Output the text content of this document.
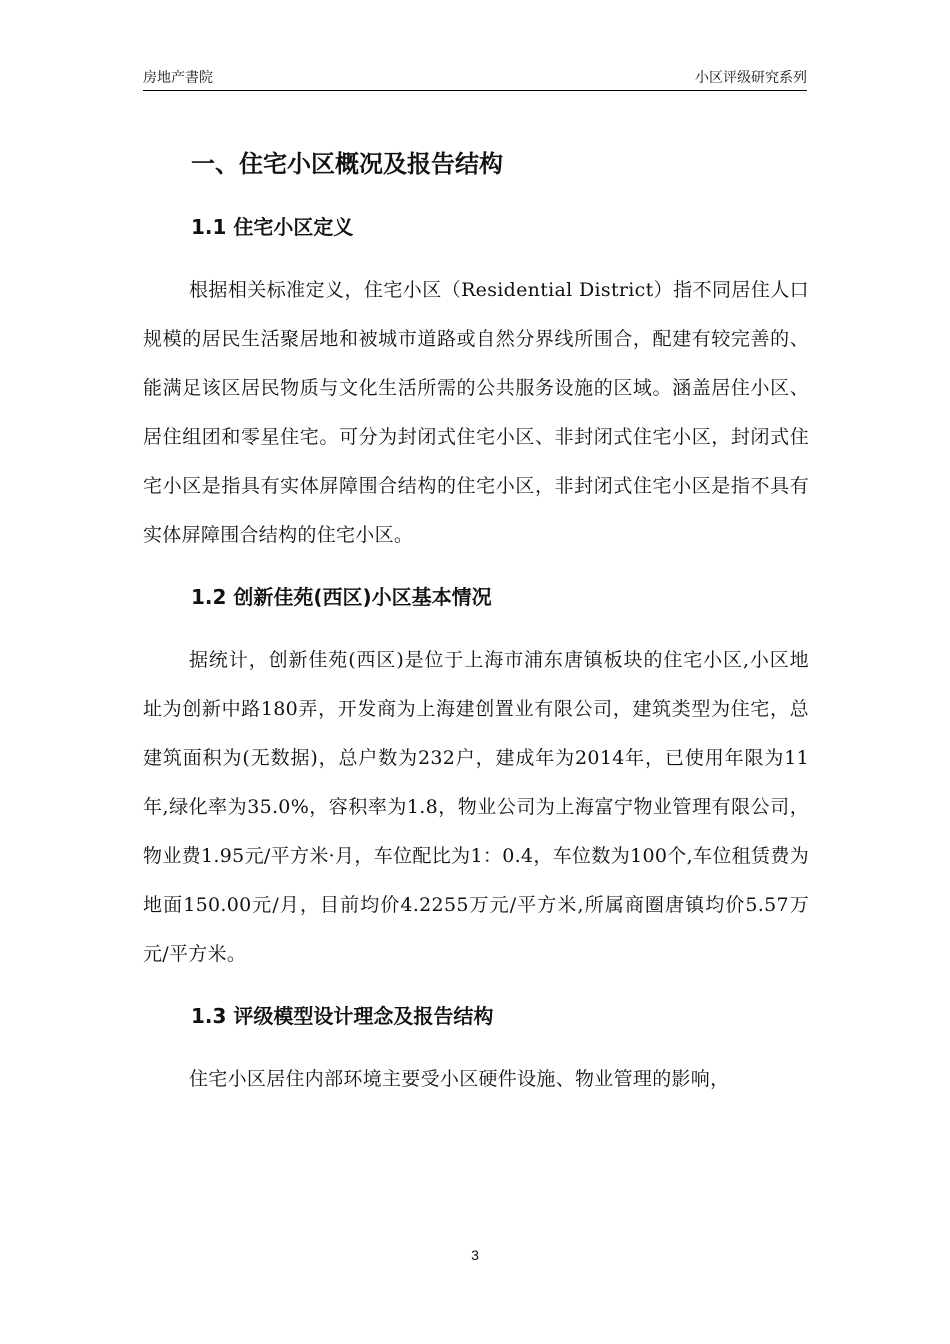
房地产書院	小区评级研究系列
一、住宅小区概况及报告结构
1.1 住宅小区定义

根据相关标准定义，住宅小区（Residential District）指不同居住人口规模的居民生活聚居地和被城市道路或自然分界线所围合，配建有较完善的、能满足该区居民物质与文化生活所需的公共服务设施的区域。涵盖居住小区、居住组团和零星住宅。可分为封闭式住宅小区、非封闭式住宅小区，封闭式住宅小区是指具有实体屏障围合结构的住宅小区，非封闭式住宅小区是指不具有实体屏障围合结构的住宅小区。

1.2 创新佳苑(西区)小区基本情况

据统计，创新佳苑(西区)是位于上海市浦东唐镇板块的住宅小区,小区地址为创新中路180弄，开发商为上海建创置业有限公司，建筑类型为住宅，总建筑面积为(无数据)，总户数为232户，建成年为2014年，已使用年限为11年,绿化率为35.0%，容积率为1.8，物业公司为上海富宁物业管理有限公司，物业费1.95元/平方米·月，车位配比为1：0.4，车位数为100个,车位租赁费为地面150.00元/月，目前均价4.2255万元/平方米,所属商圈唐镇均价5.57万元/平方米。

1.3 评级模型设计理念及报告结构

住宅小区居住内部环境主要受小区硬件设施、物业管理的影响，

3
